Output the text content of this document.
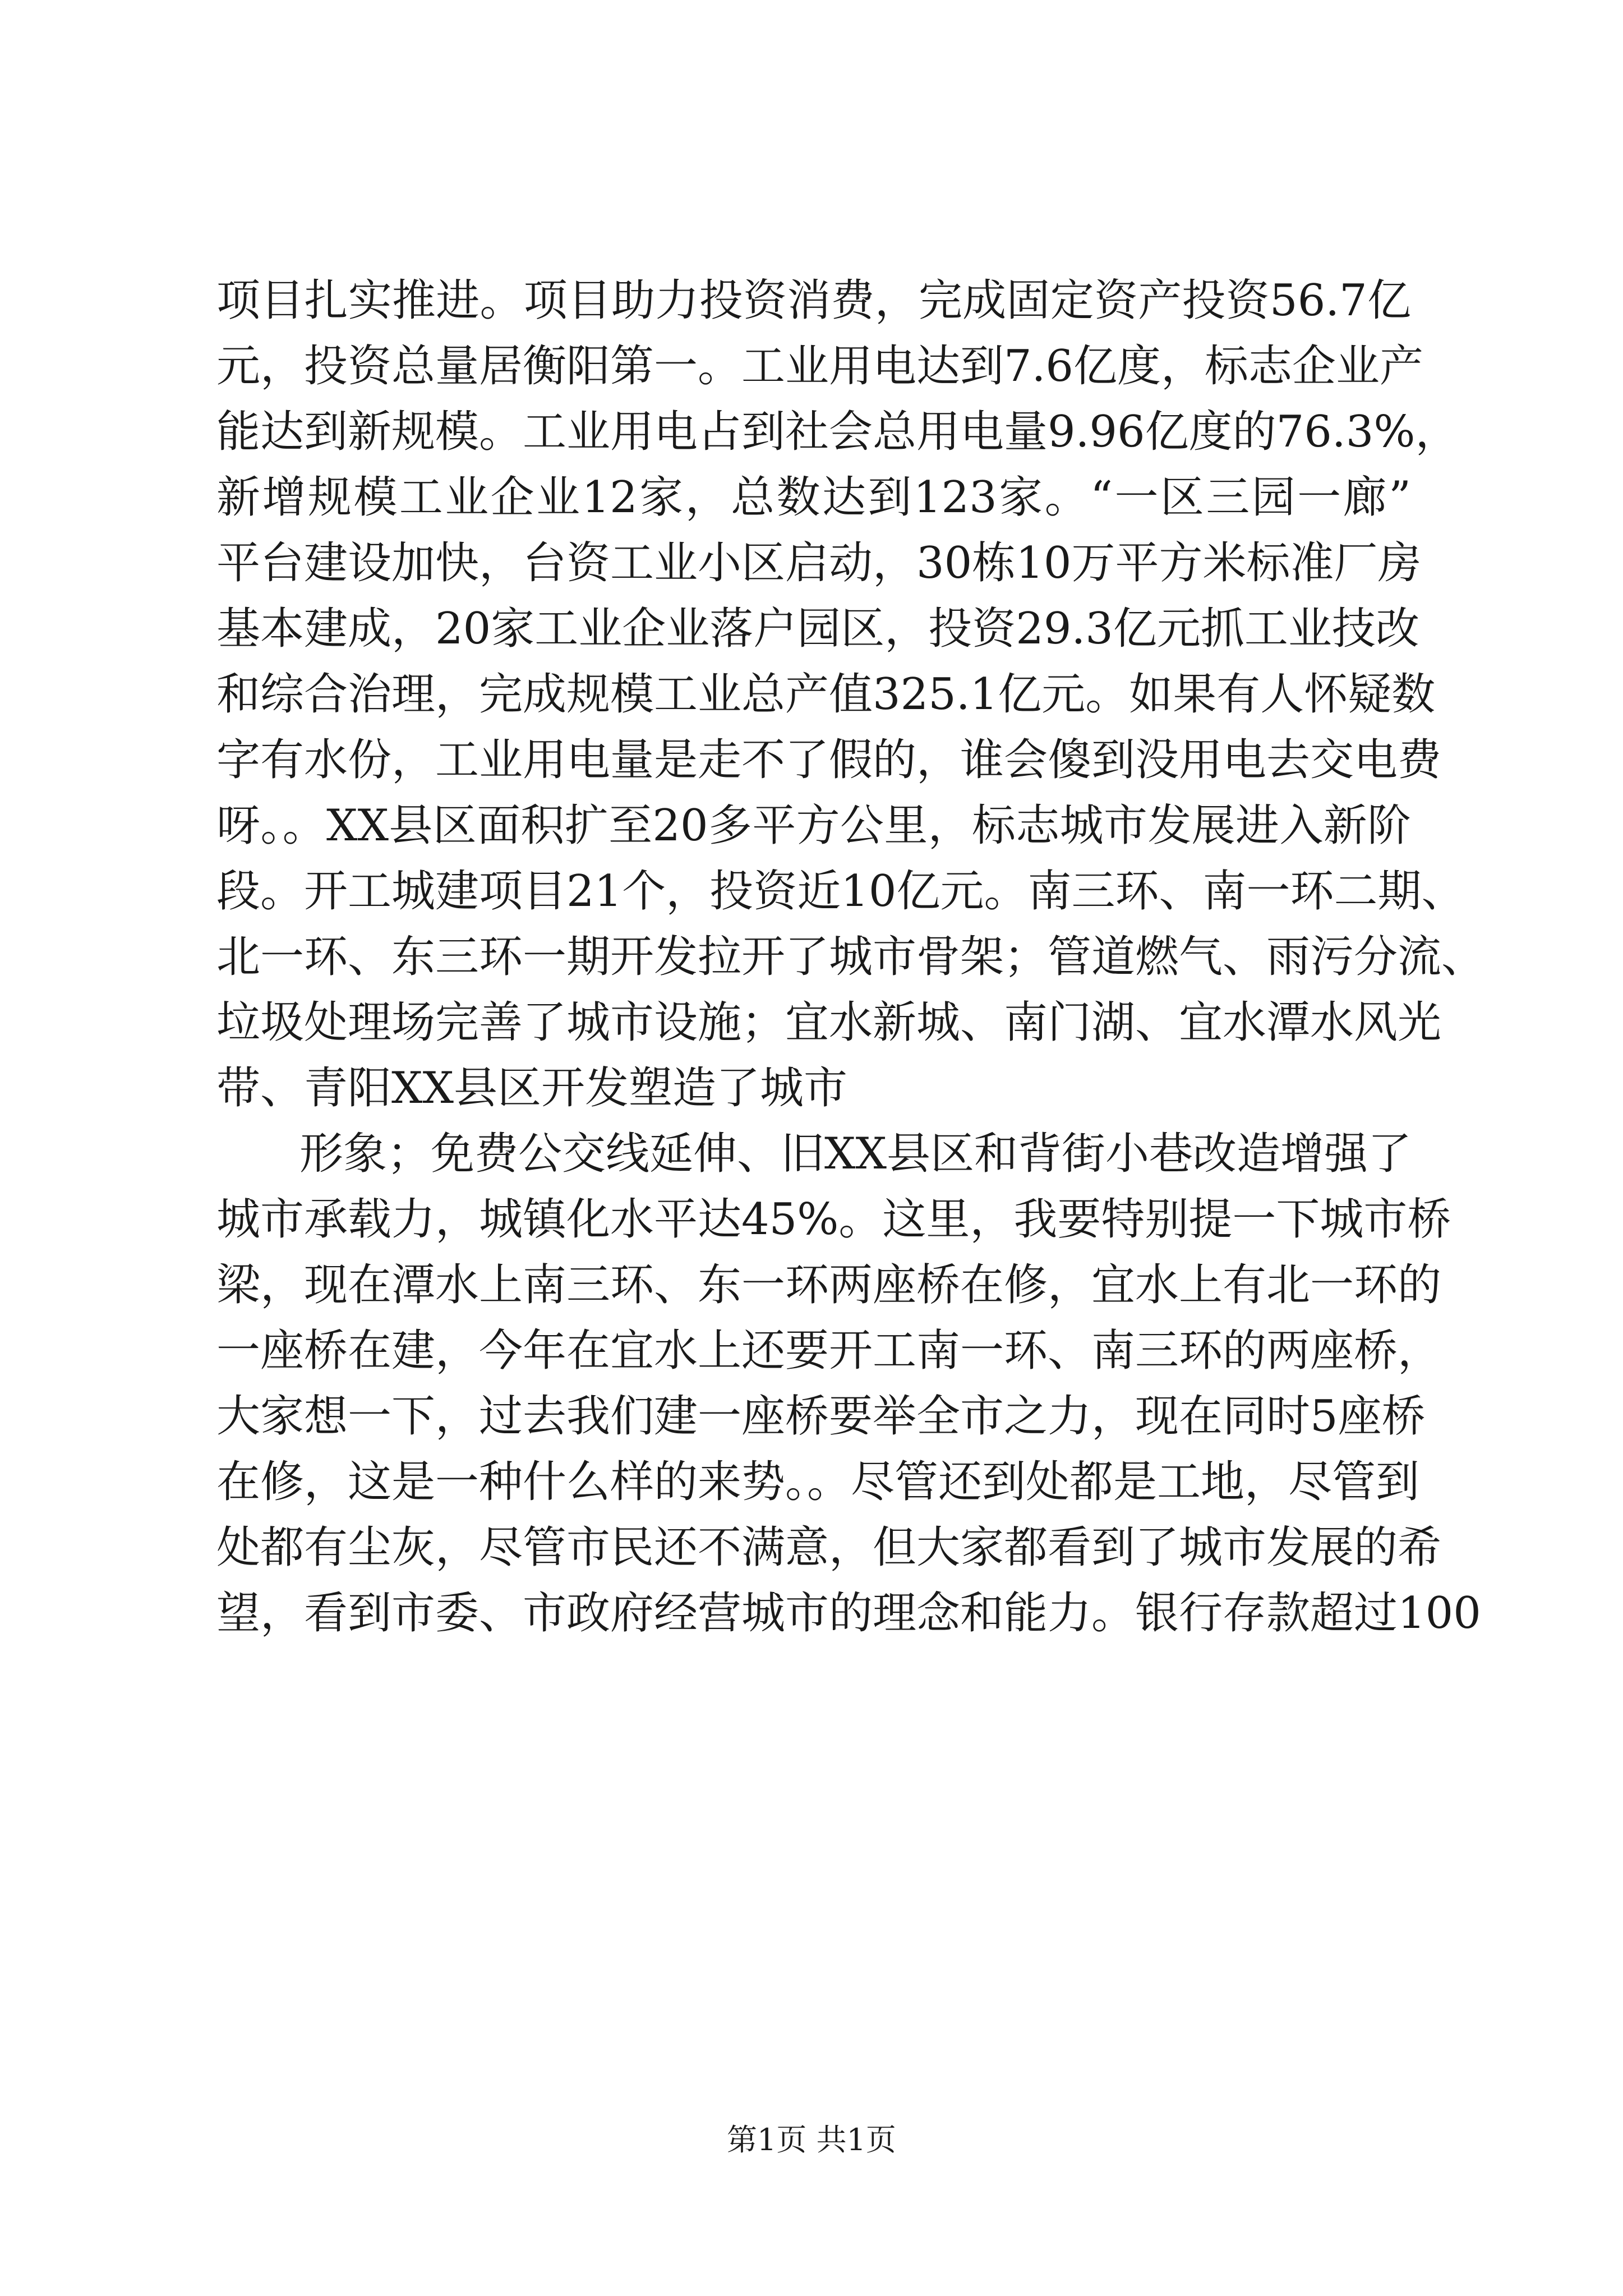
项目扎实推进。项目助力投资消费，完成固定资产投资56.7亿
元，投资总量居衡阳第一。工业用电达到7.6亿度，标志企业产
能达到新规模。工业用电占到社会总用电量9.96亿度的76.3%，
新增规模工业企业12家，总数达到123家。“一区三园一廊”
平台建设加快，台资工业小区启动，30栋10万平方米标准厂房
基本建成，20家工业企业落户园区，投资29.3亿元抓工业技改
和综合治理，完成规模工业总产值325.1亿元。如果有人怀疑数
字有水份，工业用电量是走不了假的，谁会傻到没用电去交电费
呀。。XX县区面积扩至20多平方公里，标志城市发展进入新阶
段。开工城建项目21个，投资近10亿元。南三环、南一环二期、
北一环、东三环一期开发拉开了城市骨架；管道燃气、雨污分流、
垃圾处理场完善了城市设施；宜水新城、南门湖、宜水潭水风光
带、青阳XX县区开发塑造了城市
形象；免费公交线延伸、旧XX县区和背街小巷改造增强了
城市承载力，城镇化水平达45%。这里，我要特别提一下城市桥
梁，现在潭水上南三环、东一环两座桥在修，宜水上有北一环的
一座桥在建，今年在宜水上还要开工南一环、南三环的两座桥，
大家想一下，过去我们建一座桥要举全市之力，现在同时5座桥
在修，这是一种什么样的来势。。尽管还到处都是工地，尽管到
处都有尘灰，尽管市民还不满意，但大家都看到了城市发展的希
望，看到市委、市政府经营城市的理念和能力。银行存款超过100
第1页 共1页
